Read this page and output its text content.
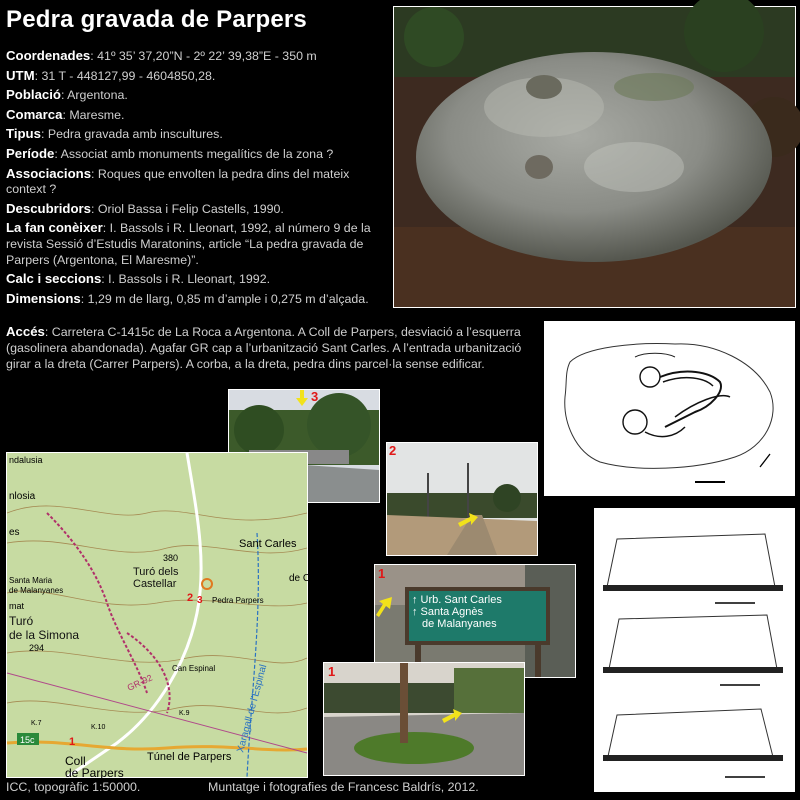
Pedra gravada de Parpers
Coordenades: 41º 35’ 37,20”N - 2º 22’ 39,38”E - 350 m
UTM: 31 T - 448127,99 - 4604850,28.
Població: Argentona.
Comarca: Maresme.
Tipus: Pedra gravada amb inscultures.
Període: Associat amb monuments megalítics de la zona ?
Associacions: Roques que envolten la pedra dins del mateix context ?
Descubridors: Oriol Bassa i Felip Castells, 1990.
La fan conèixer: I. Bassols i R. Lleonart, 1992, al número 9 de la revista Sessió d’Estudis Maratonins, article “La pedra gravada de Parpers (Argentona, El Maresme)”.
Calc i seccions: I. Bassols i R. Lleonart, 1992.
Dimensions: 1,29 m de llarg, 0,85 m d’ample i 0,275 m d’alçada.
Accés: Carretera C-1415c de La Roca a Argentona. A Coll de Parpers, desviació a l’esquerra (gasolinera abandonada). Agafar GR cap a l’urbanització Sant Carles. A l’entrada urbanització girar a la dreta (Carrer Parpers). A corba, a la dreta, pedra dins parcel·la sense edificar.
3
2
↑ Urb. Sant Carles
↑ Santa Agnès
de Malanyanes
1
1
Sant Carles
Turó dels
Castellar
Pedra Parpers
Santa Maria
de Malanyanes
Turó
de la Simona
294
380
Can Espinal Xaragall de l’Espinal
Túnel de Parpers
Coll
de Parpers
GR-92
15c
K.7
K.10
K.9
ndalusia
nlosia
es
mat
de C
2 3
1
ICC, topogràfic 1:50000.	Muntatge i fotografies de Francesc Baldrís, 2012.
